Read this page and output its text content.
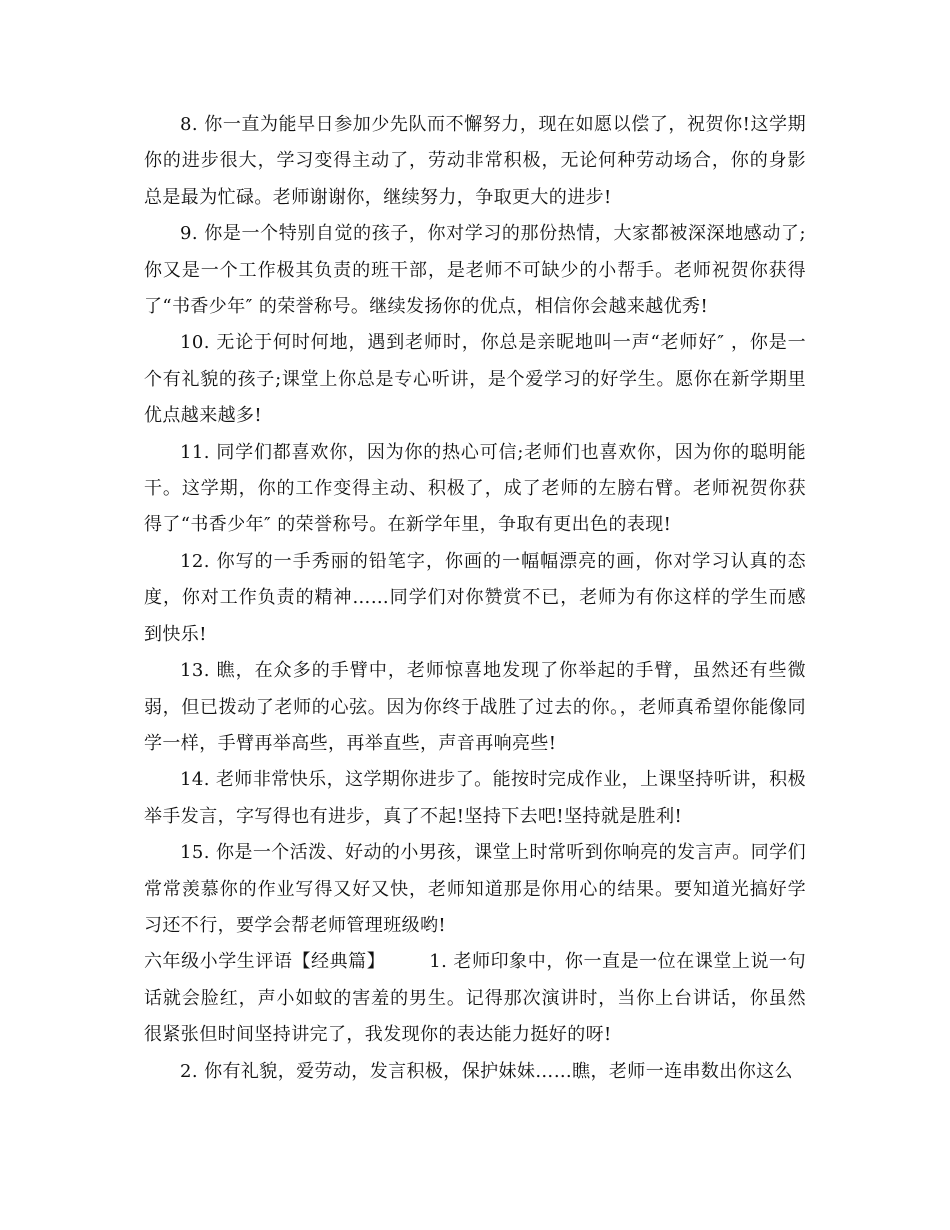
8. 你一直为能早日参加少先队而不懈努力，现在如愿以偿了，祝贺你!这学期你的进步很大，学习变得主动了，劳动非常积极，无论何种劳动场合，你的身影总是最为忙碌。老师谢谢你，继续努力，争取更大的进步!

9. 你是一个特别自觉的孩子，你对学习的那份热情，大家都被深深地感动了;你又是一个工作极其负责的班干部，是老师不可缺少的小帮手。老师祝贺你获得了“书香少年″ 的荣誉称号。继续发扬你的优点，相信你会越来越优秀!

10. 无论于何时何地，遇到老师时，你总是亲昵地叫一声“老师好″ ，你是一个有礼貌的孩子;课堂上你总是专心听讲，是个爱学习的好学生。愿你在新学期里优点越来越多!

11. 同学们都喜欢你，因为你的热心可信;老师们也喜欢你，因为你的聪明能干。这学期，你的工作变得主动、积极了，成了老师的左膀右臂。老师祝贺你获得了“书香少年″ 的荣誉称号。在新学年里，争取有更出色的表现!

12. 你写的一手秀丽的铅笔字，你画的一幅幅漂亮的画，你对学习认真的态度，你对工作负责的精神……同学们对你赞赏不已，老师为有你这样的学生而感到快乐!

13. 瞧，在众多的手臂中，老师惊喜地发现了你举起的手臂，虽然还有些微弱，但已拨动了老师的心弦。因为你终于战胜了过去的你。，老师真希望你能像同学一样，手臂再举高些，再举直些，声音再响亮些!

14. 老师非常快乐，这学期你进步了。能按时完成作业，上课坚持听讲，积极举手发言，字写得也有进步，真了不起!坚持下去吧!坚持就是胜利!

15. 你是一个活泼、好动的小男孩，课堂上时常听到你响亮的发言声。同学们常常羡慕你的作业写得又好又快，老师知道那是你用心的结果。要知道光搞好学习还不行，要学会帮老师管理班级哟!

六年级小学生评语【经典篇】 1. 老师印象中，你一直是一位在课堂上说一句话就会脸红，声小如蚊的害羞的男生。记得那次演讲时，当你上台讲话，你虽然很紧张但时间坚持讲完了，我发现你的表达能力挺好的呀!

2. 你有礼貌，爱劳动，发言积极，保护妹妹……瞧，老师一连串数出你这么
